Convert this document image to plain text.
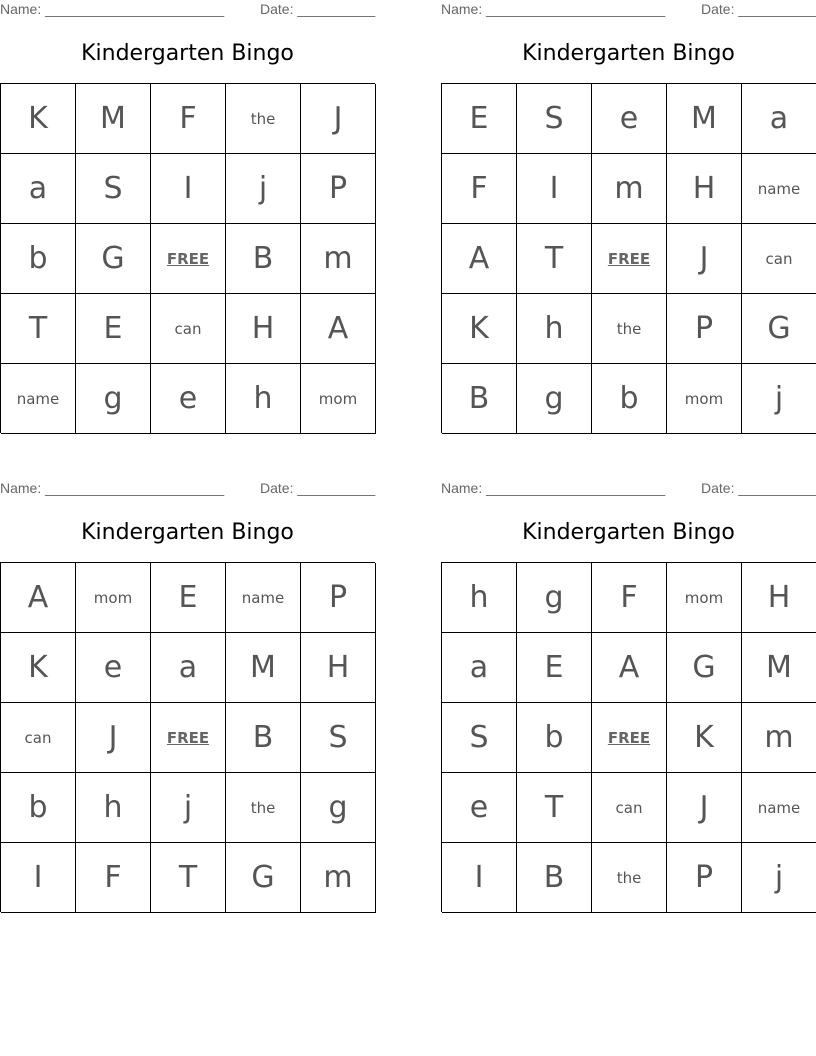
Name: _______________________	Date: __________
Kindergarten Bingo
K	M	F	the	J
a	S	I	j	P
b	G	FREE	B	m
T	E	can	H	A
name	g	e	h	mom
Name: _______________________	Date: __________
Kindergarten Bingo
E	S	e	M	a
F	I	m	H	name
A	T	FREE	J	can
K	h	the	P	G
B	g	b	mom	j
Name: _______________________	Date: __________
Kindergarten Bingo
A	mom	E	name	P
K	e	a	M	H
can	J	FREE	B	S
b	h	j	the	g
I	F	T	G	m
Name: _______________________	Date: __________
Kindergarten Bingo
h	g	F	mom	H
a	E	A	G	M
S	b	FREE	K	m
e	T	can	J	name
I	B	the	P	j
